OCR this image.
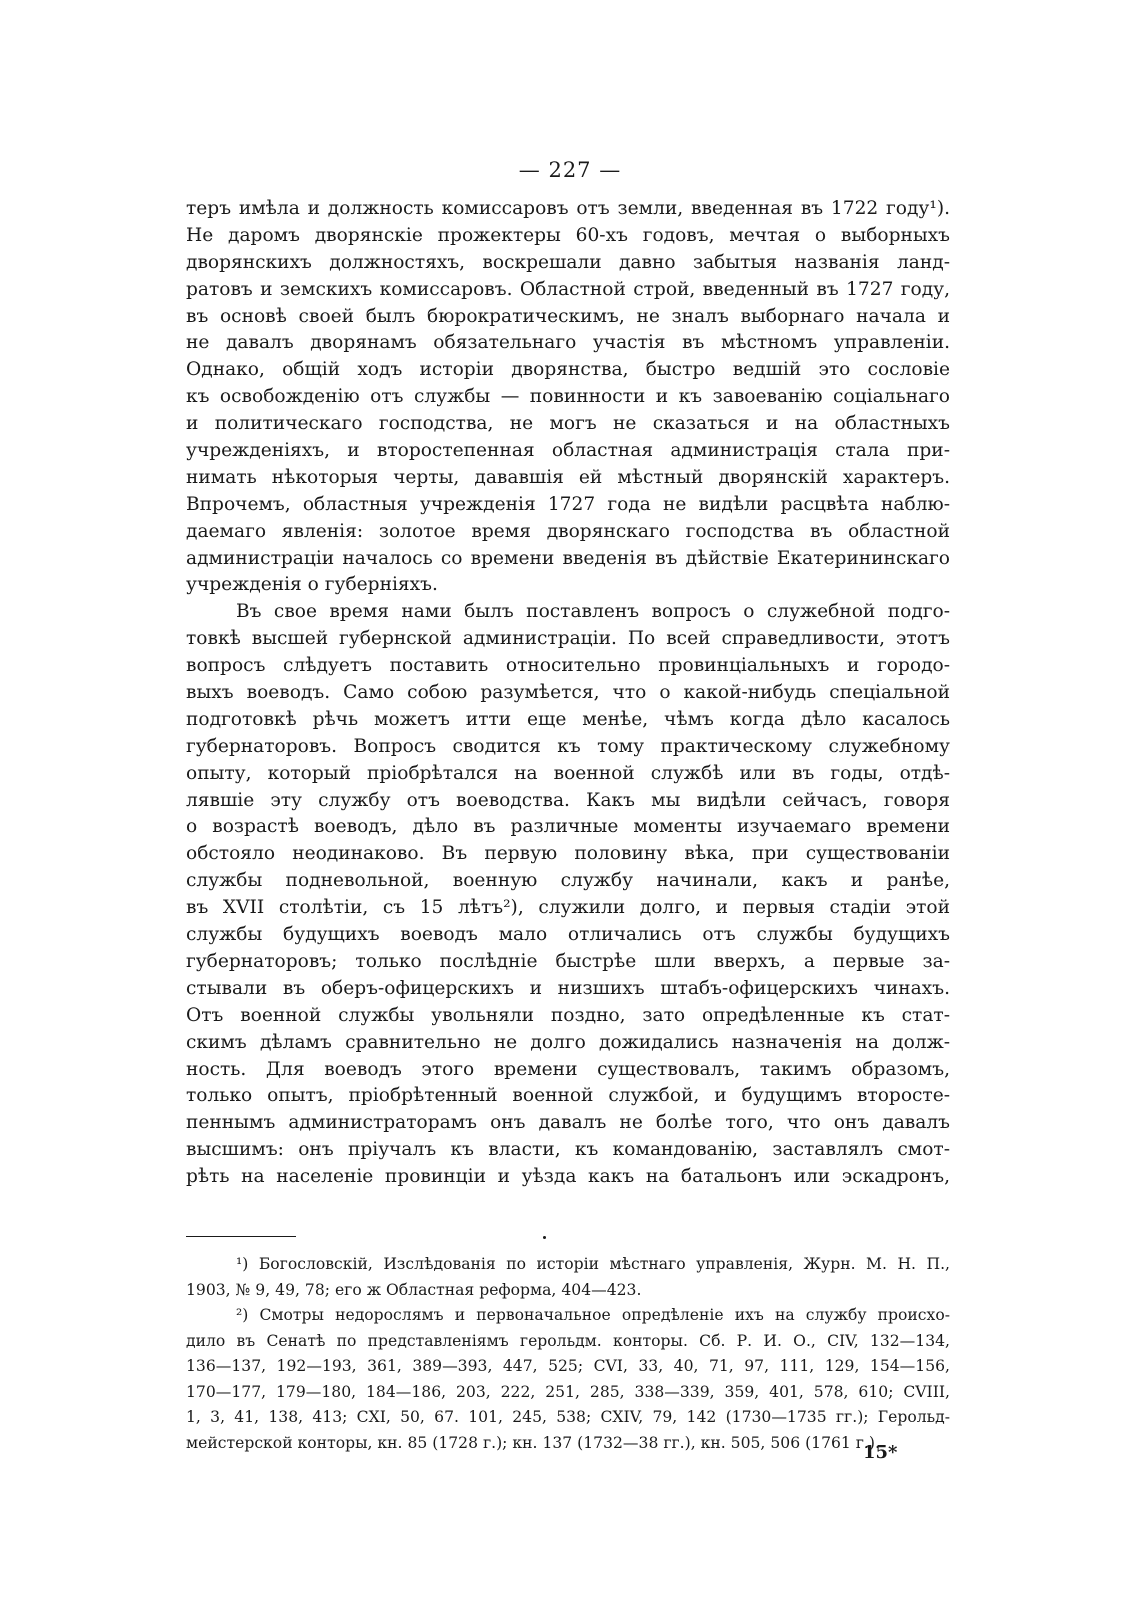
— 227 —
теръ имѣла и должность комиссаровъ отъ земли, введенная въ 1722 году¹).
Не даромъ дворянскіе прожектеры 60-хъ годовъ, мечтая о выборныхъ
дворянскихъ должностяхъ, воскрешали давно забытыя названія ланд-
ратовъ и земскихъ комиссаровъ. Областной строй, введенный въ 1727 году,
въ основѣ своей былъ бюрократическимъ, не зналъ выборнаго начала и
не давалъ дворянамъ обязательнаго участія въ мѣстномъ управленіи.
Однако, общій ходъ исторіи дворянства, быстро ведшій это сословіе
къ освобожденію отъ службы — повинности и къ завоеванію соціальнаго
и политическаго господства, не могъ не сказаться и на областныхъ
учрежденіяхъ, и второстепенная областная администрація стала при-
нимать нѣкоторыя черты, дававшія ей мѣстный дворянскій характеръ.
Впрочемъ, областныя учрежденія 1727 года не видѣли расцвѣта наблю-
даемаго явленія: золотое время дворянскаго господства въ областной
администраціи началось со времени введенія въ дѣйствіе Екатерининскаго
учрежденія о губерніяхъ.
Въ свое время нами былъ поставленъ вопросъ о служебной подго-
товкѣ высшей губернской администраціи. По всей справедливости, этотъ
вопросъ слѣдуетъ поставить относительно провинціальныхъ и городо-
выхъ воеводъ. Само собою разумѣется, что о какой-нибудь спеціальной
подготовкѣ рѣчь можетъ итти еще менѣе, чѣмъ когда дѣло касалось
губернаторовъ. Вопросъ сводится къ тому практическому служебному
опыту, который пріобрѣтался на военной службѣ или въ годы, отдѣ-
лявшіе эту службу отъ воеводства. Какъ мы видѣли сейчасъ, говоря
о возрастѣ воеводъ, дѣло въ различные моменты изучаемаго времени
обстояло неодинаково. Въ первую половину вѣка, при существованіи
службы подневольной, военную службу начинали, какъ и ранѣе,
въ XVII столѣтіи, съ 15 лѣтъ²), служили долго, и первыя стадіи этой
службы будущихъ воеводъ мало отличались отъ службы будущихъ
губернаторовъ; только послѣдніе быстрѣе шли вверхъ, а первые за-
стывали въ оберъ-офицерскихъ и низшихъ штабъ-офицерскихъ чинахъ.
Отъ военной службы увольняли поздно, зато опредѣленные къ стат-
скимъ дѣламъ сравнительно не долго дожидались назначенія на долж-
ность. Для воеводъ этого времени существовалъ, такимъ образомъ,
только опытъ, пріобрѣтенный военной службой, и будущимъ второсте-
пеннымъ администраторамъ онъ давалъ не болѣе того, что онъ давалъ
высшимъ: онъ пріучалъ къ власти, къ командованію, заставлялъ смот-
рѣть на населеніе провинціи и уѣзда какъ на батальонъ или эскадронъ,
¹) Богословскій, Изслѣдованія по исторіи мѣстнаго управленія, Журн. М. Н. П.,
1903, № 9, 49, 78; его ж Областная реформа, 404—423.
²) Смотры недорослямъ и первоначальное опредѣленіе ихъ на службу происхо-
дило въ Сенатѣ по представленіямъ герольдм. конторы. Сб. Р. И. О., CIV, 132—134,
136—137, 192—193, 361, 389—393, 447, 525; CVI, 33, 40, 71, 97, 111, 129, 154—156,
170—177, 179—180, 184—186, 203, 222, 251, 285, 338—339, 359, 401, 578, 610; CVIII,
1, 3, 41, 138, 413; CXI, 50, 67. 101, 245, 538; CXIV, 79, 142 (1730—1735 гг.); Герольд-
мейстерской конторы, кн. 85 (1728 г.); кн. 137 (1732—38 гг.), кн. 505, 506 (1761 г.).
15*
